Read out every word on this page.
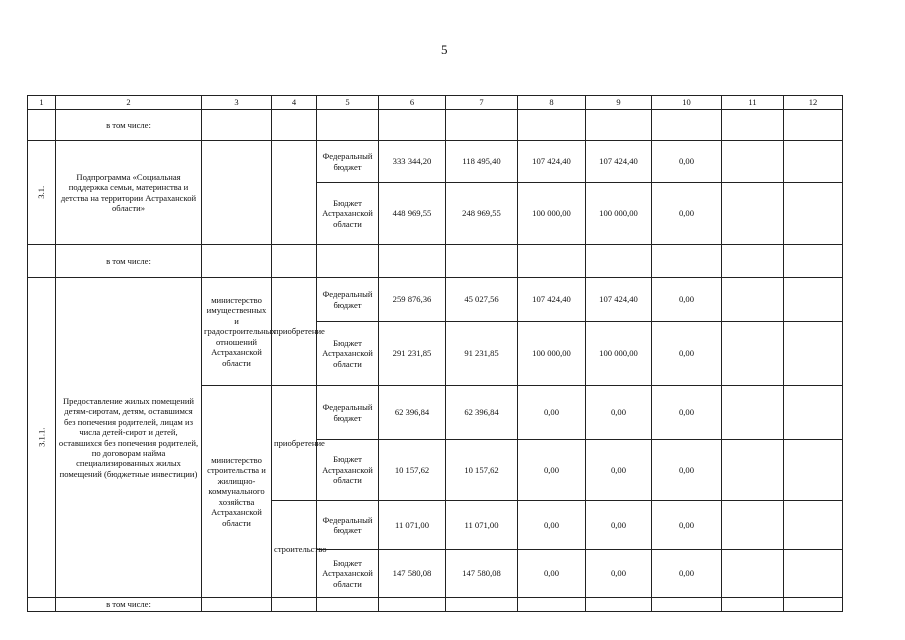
5
1	2	3	4	5	6	7	8	9	10	11	12
	в том числе:										
3.1.	Подпрограмма «Социальная поддержка семьи, материнства и детства на территории Астраханской области»			Федеральный бюджет	333 344,20	118 495,40	107 424,40	107 424,40	0,00		
				Бюджет Астраханской области	448 969,55	248 969,55	100 000,00	100 000,00	0,00		
	в том числе:										
3.1.1.	Предоставление жилых помещений детям-сиротам, детям, оставшимся без попечения родителей, лицам из числа детей-сирот и детей, оставшихся без попечения родителей, по договорам найма специализированных жилых помещений (бюджетные инвестиции)	министерство имущественных и градостроительных отношений Астраханской области	приобретение	Федеральный бюджет	259 876,36	45 027,56	107 424,40	107 424,40	0,00		
				Бюджет Астраханской области	291 231,85	91 231,85	100 000,00	100 000,00	0,00		
		министерство строительства и жилищно-коммунального хозяйства Астраханской области	приобретение	Федеральный бюджет	62 396,84	62 396,84	0,00	0,00	0,00		
				Бюджет Астраханской области	10 157,62	10 157,62	0,00	0,00	0,00		
			строительство	Федеральный бюджет	11 071,00	11 071,00	0,00	0,00	0,00		
				Бюджет Астраханской области	147 580,08	147 580,08	0,00	0,00	0,00		
	в том числе:										
